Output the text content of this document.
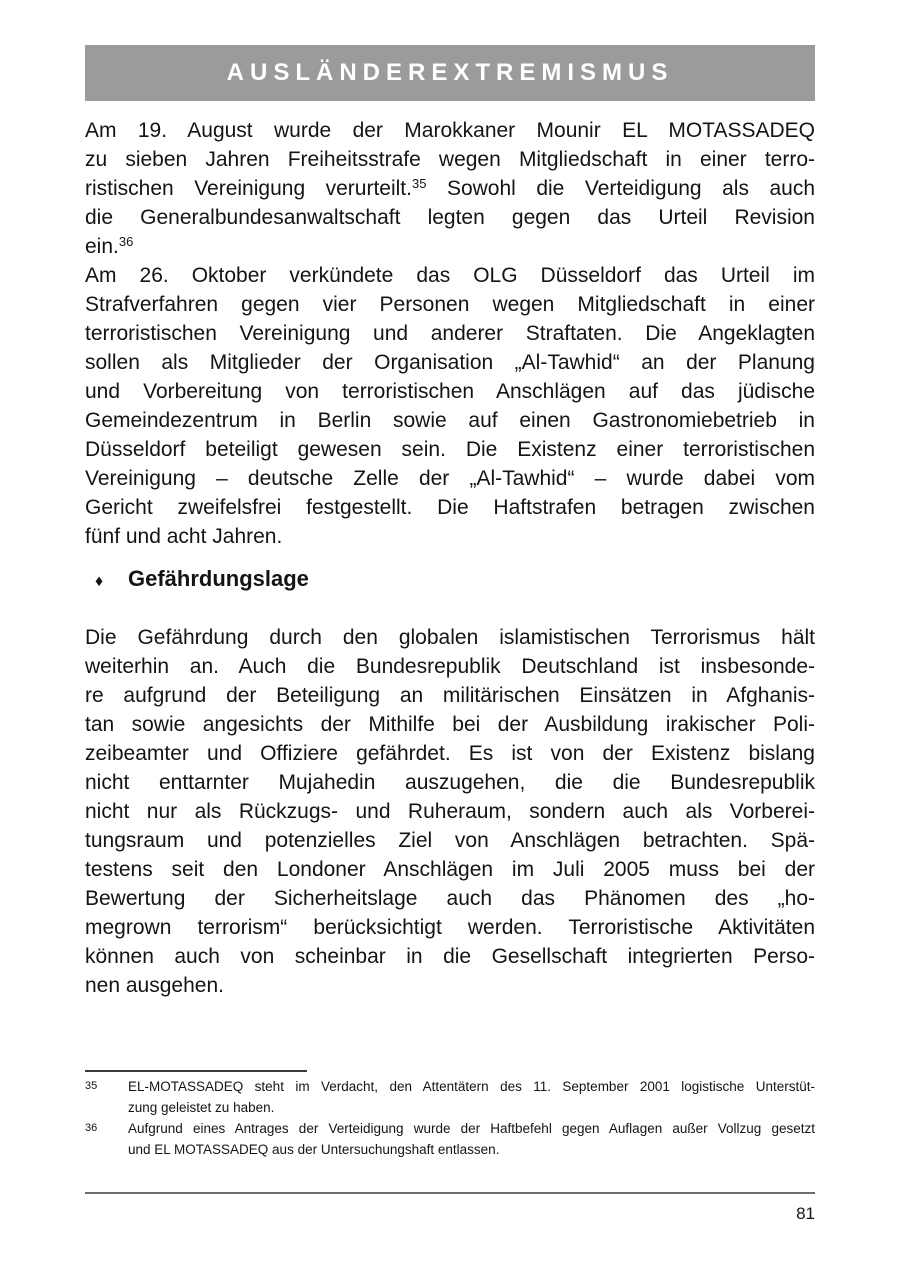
AUSLÄNDEREXTREMISMUS
Am 19. August wurde der Marokkaner Mounir EL MOTASSADEQ
zu sieben Jahren Freiheitsstrafe wegen Mitgliedschaft in einer terro-
ristischen Vereinigung verurteilt.$^{35}$ Sowohl die Verteidigung als auch
die Generalbundesanwaltschaft legten gegen das Urteil Revision
ein.$^{36}$
Am 26. Oktober verkündete das OLG Düsseldorf das Urteil im
Strafverfahren gegen vier Personen wegen Mitgliedschaft in einer
terroristischen Vereinigung und anderer Straftaten. Die Angeklagten
sollen als Mitglieder der Organisation „Al-Tawhid“ an der Planung
und Vorbereitung von terroristischen Anschlägen auf das jüdische
Gemeindezentrum in Berlin sowie auf einen Gastronomiebetrieb in
Düsseldorf beteiligt gewesen sein. Die Existenz einer terroristischen
Vereinigung – deutsche Zelle der „Al-Tawhid“ – wurde dabei vom
Gericht zweifelsfrei festgestellt. Die Haftstrafen betragen zwischen
fünf und acht Jahren.
♦	Gefährdungslage
Die Gefährdung durch den globalen islamistischen Terrorismus hält
weiterhin an. Auch die Bundesrepublik Deutschland ist insbesonde-
re aufgrund der Beteiligung an militärischen Einsätzen in Afghanis-
tan sowie angesichts der Mithilfe bei der Ausbildung irakischer Poli-
zeibeamter und Offiziere gefährdet. Es ist von der Existenz bislang
nicht enttarnter Mujahedin auszugehen, die die Bundesrepublik
nicht nur als Rückzugs- und Ruheraum, sondern auch als Vorberei-
tungsraum und potenzielles Ziel von Anschlägen betrachten. Spä-
testens seit den Londoner Anschlägen im Juli 2005 muss bei der
Bewertung der Sicherheitslage auch das Phänomen des „ho-
megrown terrorism“ berücksichtigt werden. Terroristische Aktivitäten
können auch von scheinbar in die Gesellschaft integrierten Perso-
nen ausgehen.
35	EL-MOTASSADEQ steht im Verdacht, den Attentätern des 11. September 2001 logistische Unterstüt-
zung geleistet zu haben.
36	Aufgrund eines Antrages der Verteidigung wurde der Haftbefehl gegen Auflagen außer Vollzug gesetzt
und EL MOTASSADEQ aus der Untersuchungshaft entlassen.
81
